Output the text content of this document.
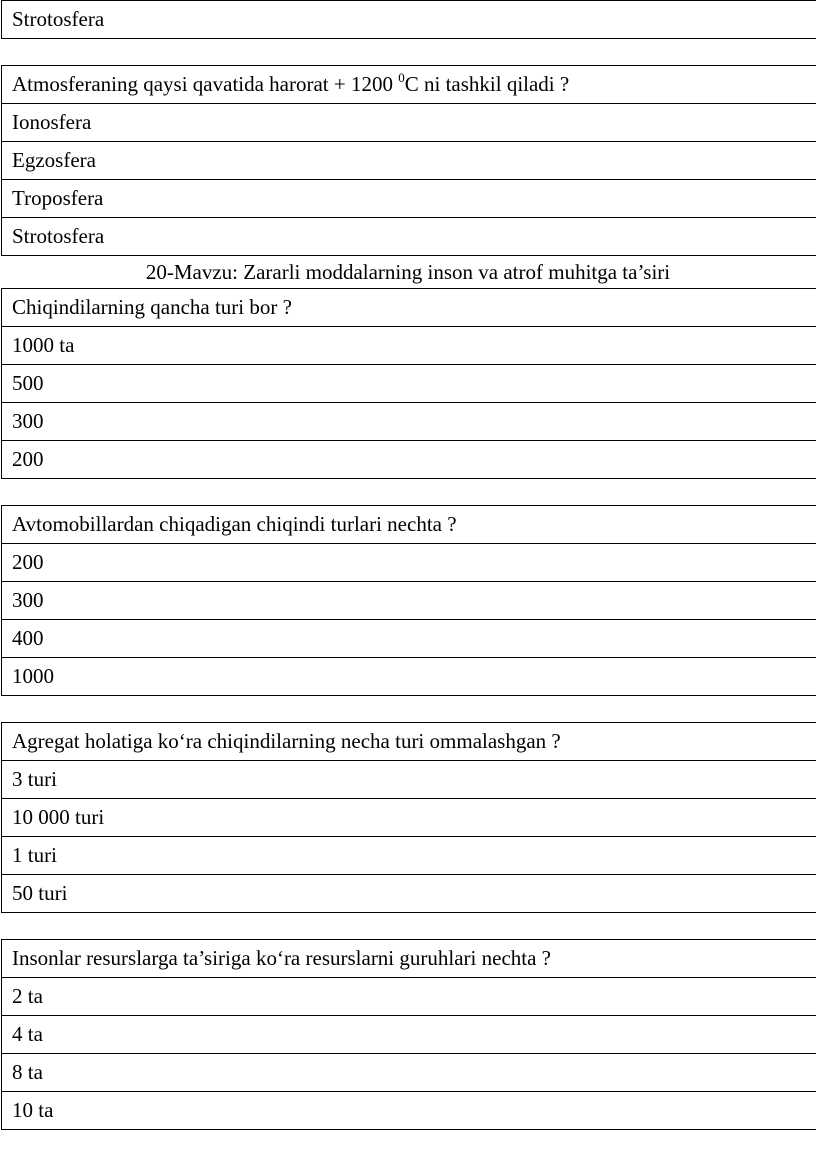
Strotosfera
Atmosferaning qaysi qavatida harorat + 1200 $^0$C ni tashkil qiladi ?
Ionosfera
Egzosfera
Troposfera
Strotosfera
20-Mavzu: Zararli moddalarning inson va atrof muhitga ta’siri
Chiqindilarning qancha turi bor ?
1000 ta
500
300
200
Avtomobillardan chiqadigan chiqindi turlari nechta ?
200
300
400
1000
Agregat holatiga ko‘ra chiqindilarning necha turi ommalashgan ?
3 turi
10 000 turi
1 turi
50 turi
Insonlar resurslarga ta’siriga ko‘ra resurslarni guruhlari nechta ?
2 ta
4 ta
8 ta
10 ta
